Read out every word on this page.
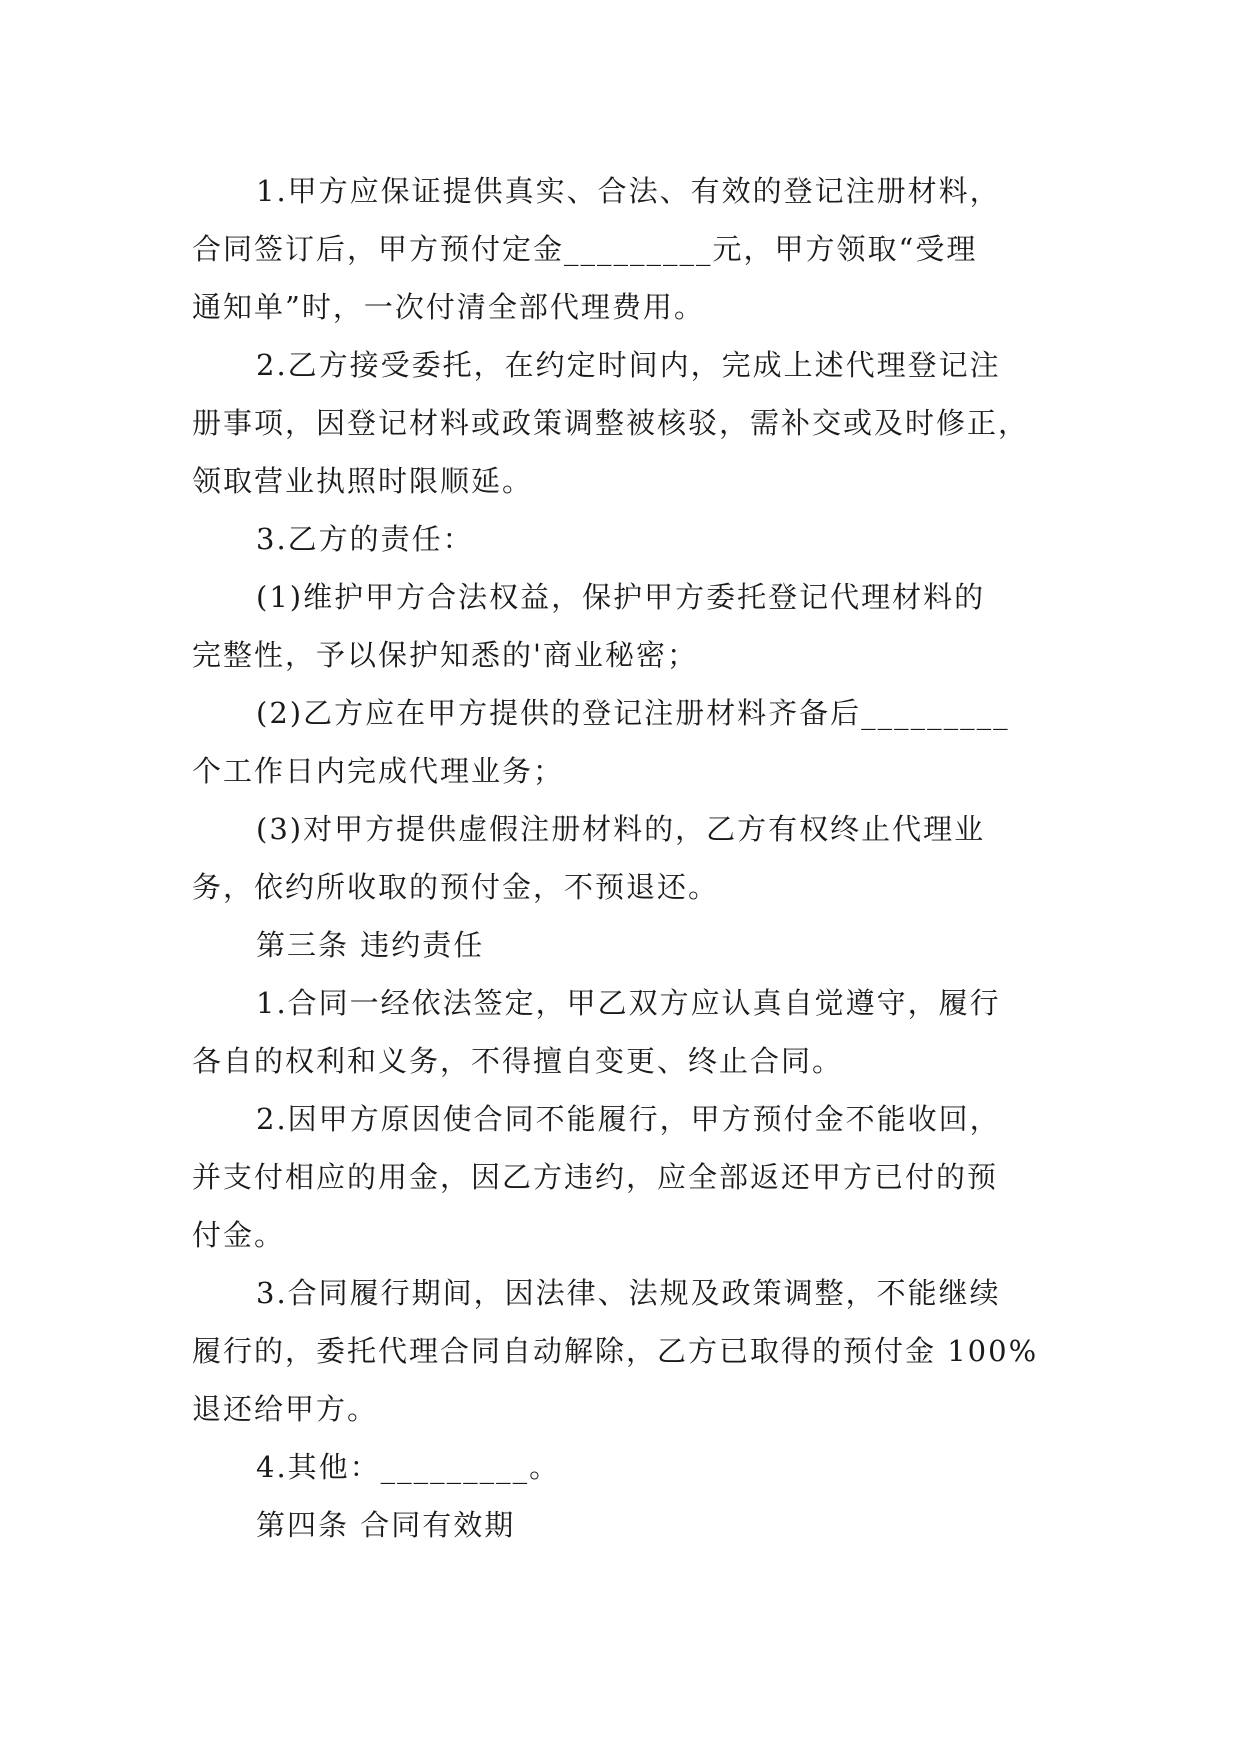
1.甲方应保证提供真实、合法、有效的登记注册材料，
合同签订后，甲方预付定金_________元，甲方领取“受理
通知单”时，一次付清全部代理费用。
2.乙方接受委托，在约定时间内，完成上述代理登记注
册事项，因登记材料或政策调整被核驳，需补交或及时修正，
领取营业执照时限顺延。
3.乙方的责任：
(1)维护甲方合法权益，保护甲方委托登记代理材料的
完整性，予以保护知悉的'商业秘密；
(2)乙方应在甲方提供的登记注册材料齐备后_________
个工作日内完成代理业务；
(3)对甲方提供虚假注册材料的，乙方有权终止代理业
务，依约所收取的预付金，不预退还。
第三条 违约责任
1.合同一经依法签定，甲乙双方应认真自觉遵守，履行
各自的权利和义务，不得擅自变更、终止合同。
2.因甲方原因使合同不能履行，甲方预付金不能收回，
并支付相应的用金，因乙方违约，应全部返还甲方已付的预
付金。
3.合同履行期间，因法律、法规及政策调整，不能继续
履行的，委托代理合同自动解除，乙方已取得的预付金 100%
退还给甲方。
4.其他：_________。
第四条 合同有效期
